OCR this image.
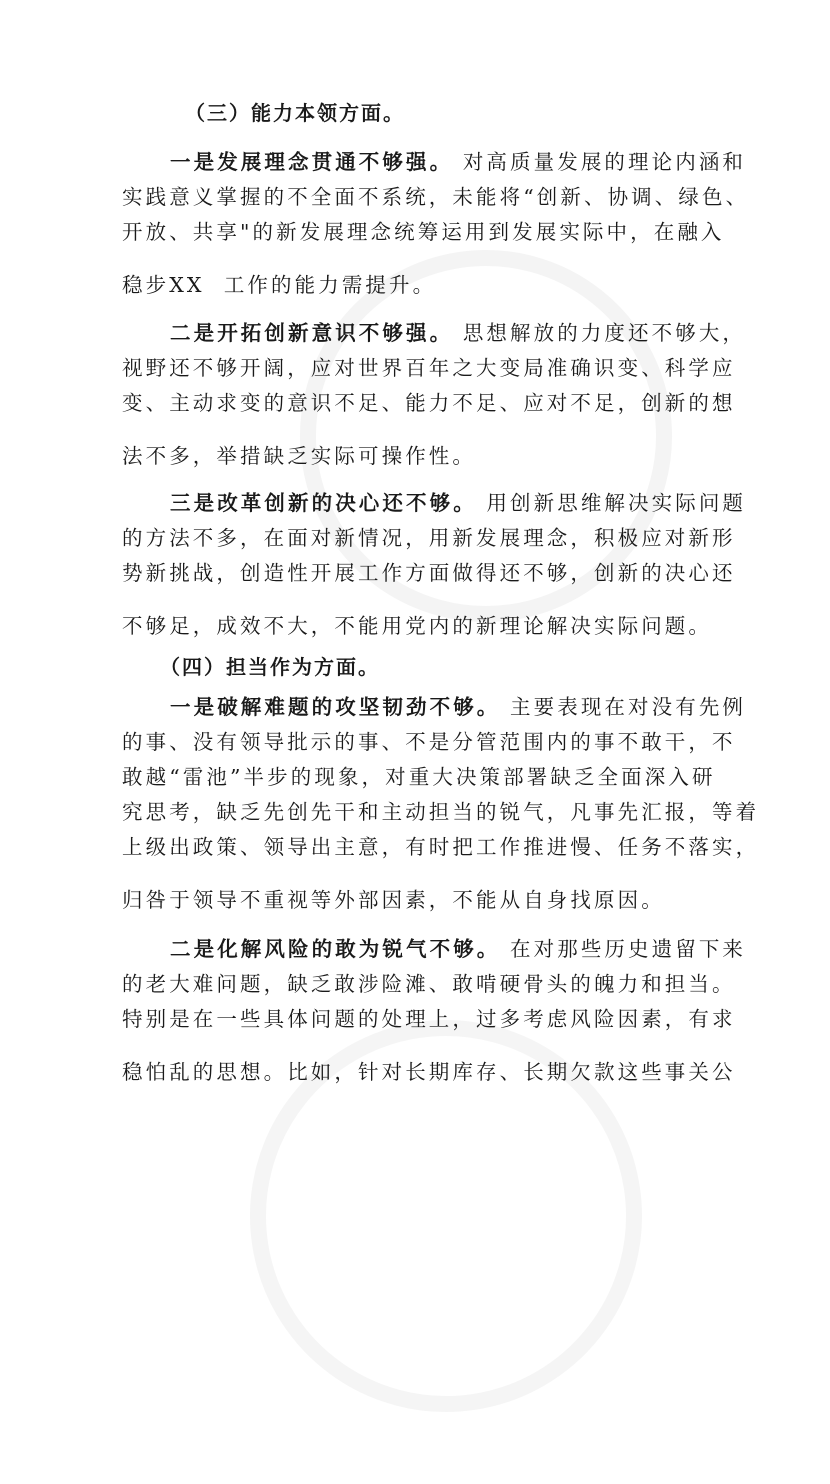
（三）能力本领方面。
一是发展理念贯通不够强。 对高质量发展的理论内涵和
实践意义掌握的不全面不系统，未能将“创新、协调、绿色、
开放、共享"的新发展理念统筹运用到发展实际中，在融入
稳步XX  工作的能力需提升。
二是开拓创新意识不够强。 思想解放的力度还不够大，
视野还不够开阔，应对世界百年之大变局准确识变、科学应
变、主动求变的意识不足、能力不足、应对不足，创新的想
法不多，举措缺乏实际可操作性。
三是改革创新的决心还不够。 用创新思维解决实际问题
的方法不多，在面对新情况，用新发展理念，积极应对新形
势新挑战，创造性开展工作方面做得还不够，创新的决心还
不够足，成效不大，不能用党内的新理论解决实际问题。
（四）担当作为方面。
一是破解难题的攻坚韧劲不够。 主要表现在对没有先例
的事、没有领导批示的事、不是分管范围内的事不敢干，不
敢越“雷池”半步的现象，对重大决策部署缺乏全面深入研
究思考，缺乏先创先干和主动担当的锐气，凡事先汇报，等着
上级出政策、领导出主意，有时把工作推进慢、任务不落实，
归咎于领导不重视等外部因素，不能从自身找原因。
二是化解风险的敢为锐气不够。 在对那些历史遗留下来
的老大难问题，缺乏敢涉险滩、敢啃硬骨头的魄力和担当。
特别是在一些具体问题的处理上，过多考虑风险因素，有求
稳怕乱的思想。比如，针对长期库存、长期欠款这些事关公
